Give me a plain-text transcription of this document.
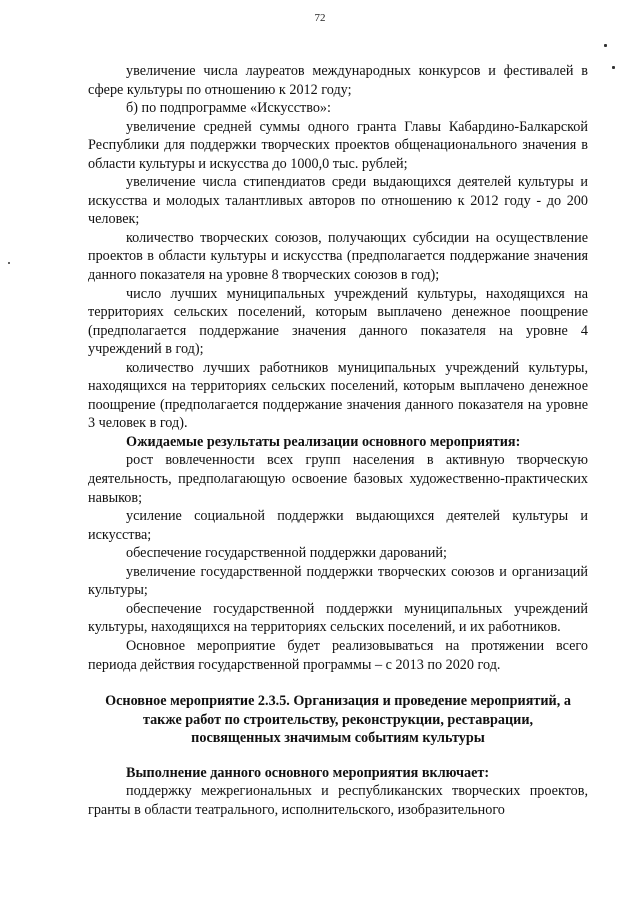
72

увеличение числа лауреатов международных конкурсов и фестивалей в сфере культуры по отношению к 2012 году;

б) по подпрограмме «Искусство»:

увеличение средней суммы одного гранта Главы Кабардино-Балкарской Республики для поддержки творческих проектов общенационального значения в области культуры и искусства до 1000,0 тыс. рублей;

увеличение числа стипендиатов среди выдающихся деятелей культуры и искусства и молодых талантливых авторов по отношению к 2012 году - до 200 человек;

количество творческих союзов, получающих субсидии на осуществление проектов в области культуры и искусства (предполагается поддержание значения данного показателя на уровне 8 творческих союзов в год);

число лучших муниципальных учреждений культуры, находящихся на территориях сельских поселений, которым выплачено денежное поощрение (предполагается поддержание значения данного показателя на уровне 4 учреждений в год);

количество лучших работников муниципальных учреждений культуры, находящихся на территориях сельских поселений, которым выплачено денежное поощрение (предполагается поддержание значения данного показателя на уровне 3 человек в год).

Ожидаемые результаты реализации основного мероприятия:

рост вовлеченности всех групп населения в активную творческую деятельность, предполагающую освоение базовых художественно-практических навыков;

усиление социальной поддержки выдающихся деятелей культуры и искусства;

обеспечение государственной поддержки дарований;

увеличение государственной поддержки творческих союзов и организаций культуры;

обеспечение государственной поддержки муниципальных учреждений культуры, находящихся на территориях сельских поселений, и их работников.

Основное мероприятие будет реализовываться на протяжении всего периода действия государственной программы – с 2013 по 2020 год.

Основное мероприятие 2.3.5. Организация и проведение мероприятий, а также работ по строительству, реконструкции, реставрации, посвященных значимым событиям культуры

Выполнение данного основного мероприятия включает:

поддержку межрегиональных и республиканских творческих проектов, гранты в области театрального, исполнительского, изобразительного
